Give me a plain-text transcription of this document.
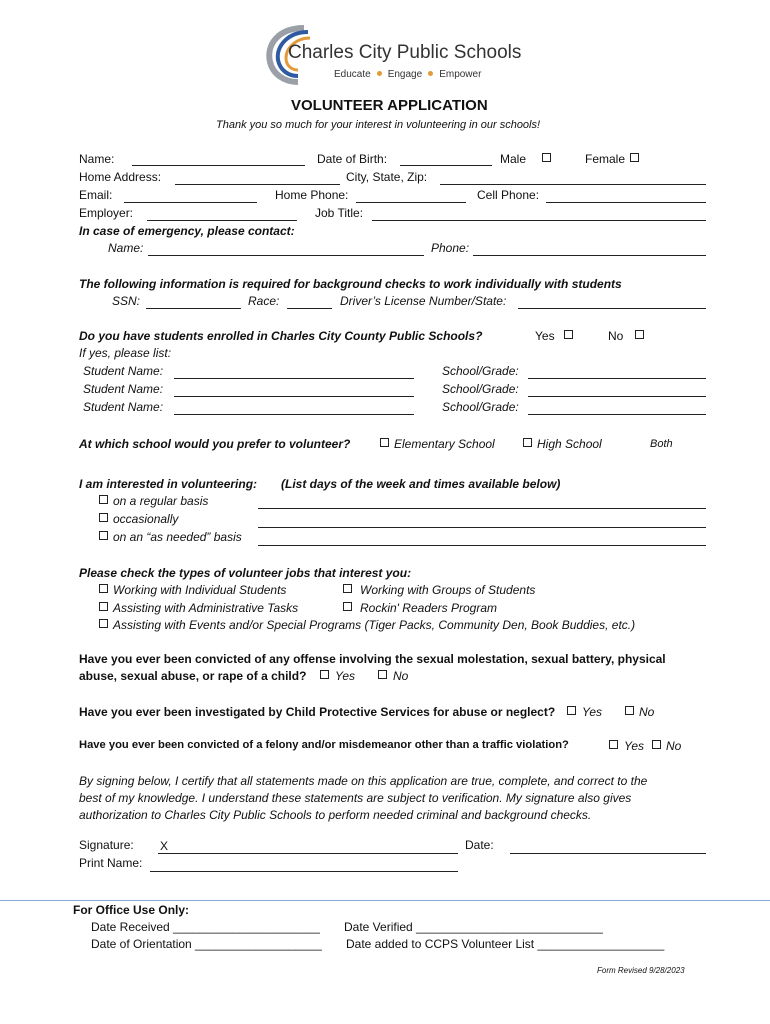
Charles City Public Schools
Educate Engage Empower
VOLUNTEER APPLICATION
Thank you so much for your interest in volunteering in our schools!
Name:	Date of Birth:	Male	Female
Home Address:	City, State, Zip:
Email:	Home Phone:	Cell Phone:
Employer:	Job Title:
In case of emergency, please contact:
Name:	Phone:
The following information is required for background checks to work individually with students
SSN:	Race:	Driver’s License Number/State:
Do you have students enrolled in Charles City County Public Schools?	Yes	No
If yes, please list:
Student Name:	School/Grade:
Student Name:	School/Grade:
Student Name:	School/Grade:
At which school would you prefer to volunteer?	Elementary School	High School	Both
I am interested in volunteering: (List days of the week and times available below)
on a regular basis
occasionally
on an “as needed” basis
Please check the types of volunteer jobs that interest you:
Working with Individual Students	Working with Groups of Students
Assisting with Administrative Tasks	Rockin' Readers Program
Assisting with Events and/or Special Programs (Tiger Packs, Community Den, Book Buddies, etc.)
Have you ever been convicted of any offense involving the sexual molestation, sexual battery, physical
abuse, sexual abuse, or rape of a child? Yes	No
Have you ever been investigated by Child Protective Services for abuse or neglect? Yes	No
Have you ever been convicted of a felony and/or misdemeanor other than a traffic violation?	Yes No
By signing below, I certify that all statements made on this application are true, complete, and correct to the
best of my knowledge. I understand these statements are subject to verification. My signature also gives
authorization to Charles City Public Schools to perform needed criminal and background checks.
Signature: X	Date:
Print Name:
For Office Use Only:
Date Received ______________________ Date Verified ____________________________
Date of Orientation ___________________ Date added to CCPS Volunteer List ___________________
Form Revised 9/28/2023
